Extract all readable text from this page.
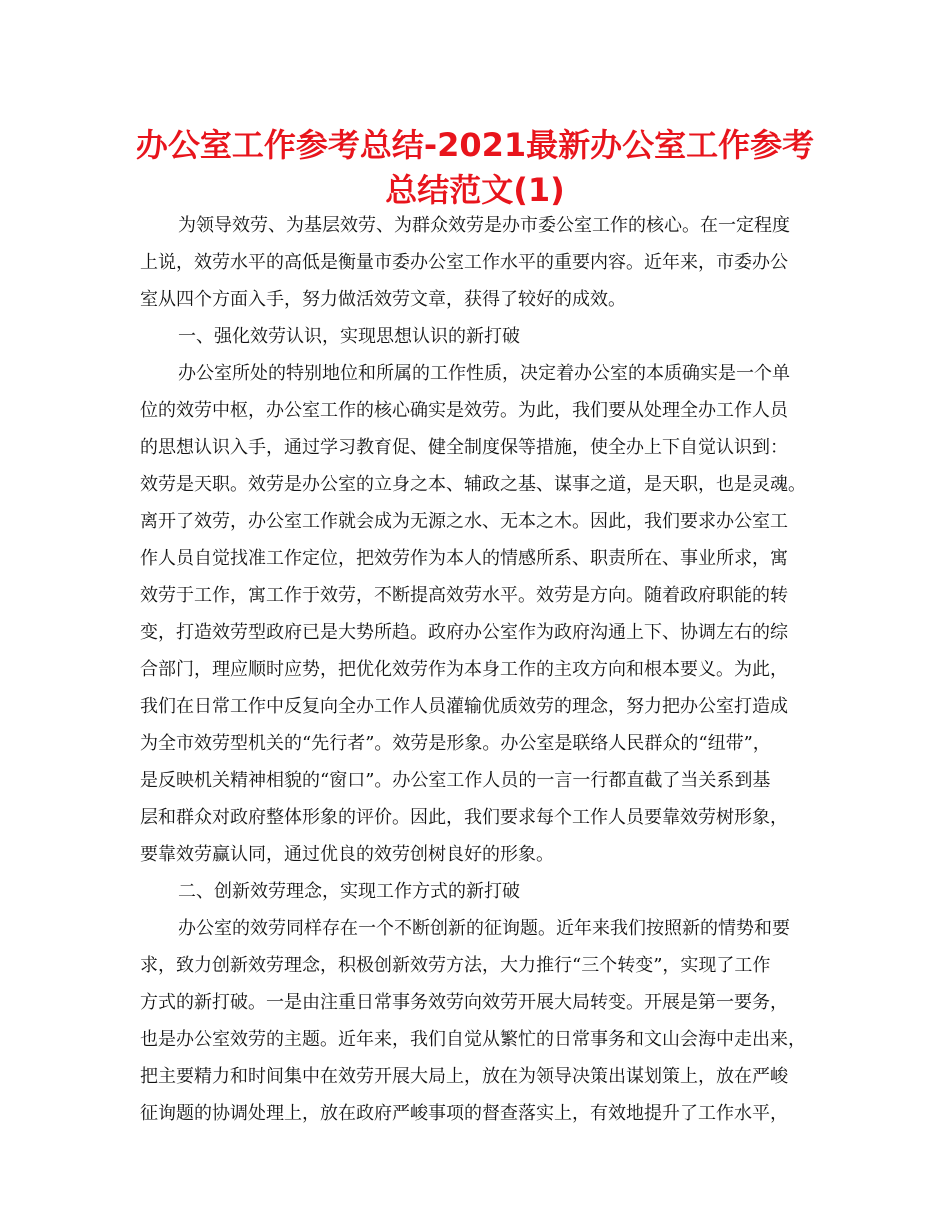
办公室工作参考总结-2021最新办公室工作参考
总结范文(1)

为领导效劳、为基层效劳、为群众效劳是办市委公室工作的核心。在一定程度

上说，效劳水平的高低是衡量市委办公室工作水平的重要内容。近年来，市委办公

室从四个方面入手，努力做活效劳文章，获得了较好的成效。

一、强化效劳认识，实现思想认识的新打破

办公室所处的特别地位和所属的工作性质，决定着办公室的本质确实是一个单

位的效劳中枢，办公室工作的核心确实是效劳。为此，我们要从处理全办工作人员

的思想认识入手，通过学习教育促、健全制度保等措施，使全办上下自觉认识到：

效劳是天职。效劳是办公室的立身之本、辅政之基、谋事之道，是天职，也是灵魂。

离开了效劳，办公室工作就会成为无源之水、无本之木。因此，我们要求办公室工

作人员自觉找准工作定位，把效劳作为本人的情感所系、职责所在、事业所求，寓

效劳于工作，寓工作于效劳，不断提高效劳水平。效劳是方向。随着政府职能的转

变，打造效劳型政府已是大势所趋。政府办公室作为政府沟通上下、协调左右的综

合部门，理应顺时应势，把优化效劳作为本身工作的主攻方向和根本要义。为此，

我们在日常工作中反复向全办工作人员灌输优质效劳的理念，努力把办公室打造成

为全市效劳型机关的“先行者”。效劳是形象。办公室是联络人民群众的“纽带”，

是反映机关精神相貌的“窗口”。办公室工作人员的一言一行都直截了当关系到基

层和群众对政府整体形象的评价。因此，我们要求每个工作人员要靠效劳树形象，

要靠效劳赢认同，通过优良的效劳创树良好的形象。

二、创新效劳理念，实现工作方式的新打破

办公室的效劳同样存在一个不断创新的征询题。近年来我们按照新的情势和要

求，致力创新效劳理念，积极创新效劳方法，大力推行“三个转变”，实现了工作

方式的新打破。一是由注重日常事务效劳向效劳开展大局转变。开展是第一要务，

也是办公室效劳的主题。近年来，我们自觉从繁忙的日常事务和文山会海中走出来，

把主要精力和时间集中在效劳开展大局上，放在为领导决策出谋划策上，放在严峻

征询题的协调处理上，放在政府严峻事项的督查落实上，有效地提升了工作水平，
